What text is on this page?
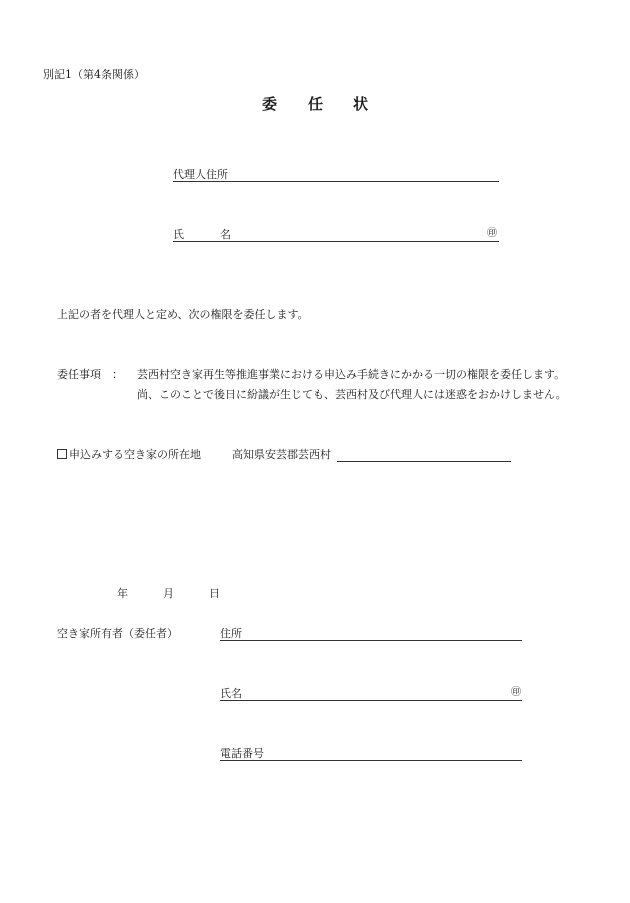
別記1（第4条関係）
委 任 状
代理人住所
氏	名	㊞
上記の者を代理人と定め、次の権限を委任します。
委任事項 ： 芸西村空き家再生等推進事業における申込み手続きにかかる一切の権限を委任します。
尚、このことで後日に紛議が生じても、芸西村及び代理人には迷惑をおかけしません。
申込みする空き家の所在地	高知県安芸郡芸西村
年	月	日
空き家所有者（委任者）	住所
氏名	㊞
電話番号
